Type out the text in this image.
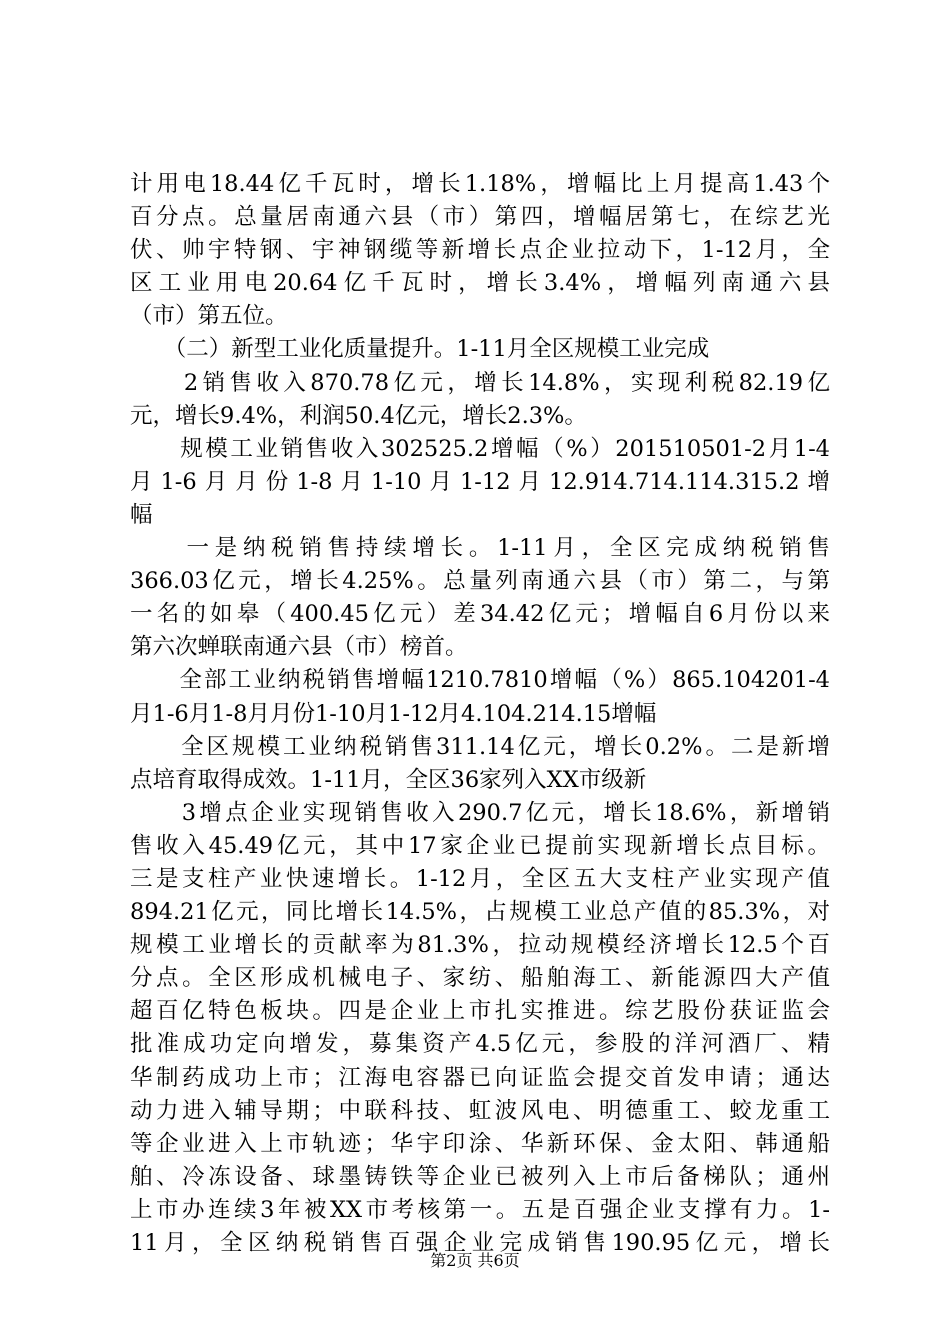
计用电18.44亿千瓦时，增长1.18%，增幅比上月提高1.43个
百分点。总量居南通六县（市）第四，增幅居第七，在综艺光
伏、帅宇特钢、宇神钢缆等新增长点企业拉动下，1-12月，全
区工业用电20.64亿千瓦时，增长3.4%，增幅列南通六县
（市）第五位。
　　（二）新型工业化质量提升。1-11月全区规模工业完成
　　2销售收入870.78亿元，增长14.8%，实现利税82.19亿
元，增长9.4%，利润50.4亿元，增长2.3%。
　　规模工业销售收入302525.2增幅（%）201510501-2月1-4
月1-6月月份1-8月1-10月1-12月12.914.714.114.315.2增
幅
　　一是纳税销售持续增长。1-11月，全区完成纳税销售
366.03亿元，增长4.25%。总量列南通六县（市）第二，与第
一名的如皋（400.45亿元）差34.42亿元；增幅自6月份以来
第六次蝉联南通六县（市）榜首。
　　全部工业纳税销售增幅1210.7810增幅（%）865.104201-4
月1-6月1-8月月份1-10月1-12月4.104.214.15增幅
　　全区规模工业纳税销售311.14亿元，增长0.2%。二是新增
点培育取得成效。1-11月，全区36家列入XX市级新
　　3增点企业实现销售收入290.7亿元，增长18.6%，新增销
售收入45.49亿元，其中17家企业已提前实现新增长点目标。
三是支柱产业快速增长。1-12月，全区五大支柱产业实现产值
894.21亿元，同比增长14.5%，占规模工业总产值的85.3%，对
规模工业增长的贡献率为81.3%，拉动规模经济增长12.5个百
分点。全区形成机械电子、家纺、船舶海工、新能源四大产值
超百亿特色板块。四是企业上市扎实推进。综艺股份获证监会
批准成功定向增发，募集资产4.5亿元，参股的洋河酒厂、精
华制药成功上市；江海电容器已向证监会提交首发申请；通达
动力进入辅导期；中联科技、虹波风电、明德重工、蛟龙重工
等企业进入上市轨迹；华宇印涂、华新环保、金太阳、韩通船
舶、冷冻设备、球墨铸铁等企业已被列入上市后备梯队；通州
上市办连续3年被XX市考核第一。五是百强企业支撑有力。1-
11月，全区纳税销售百强企业完成销售190.95亿元，增长
第2页 共6页
